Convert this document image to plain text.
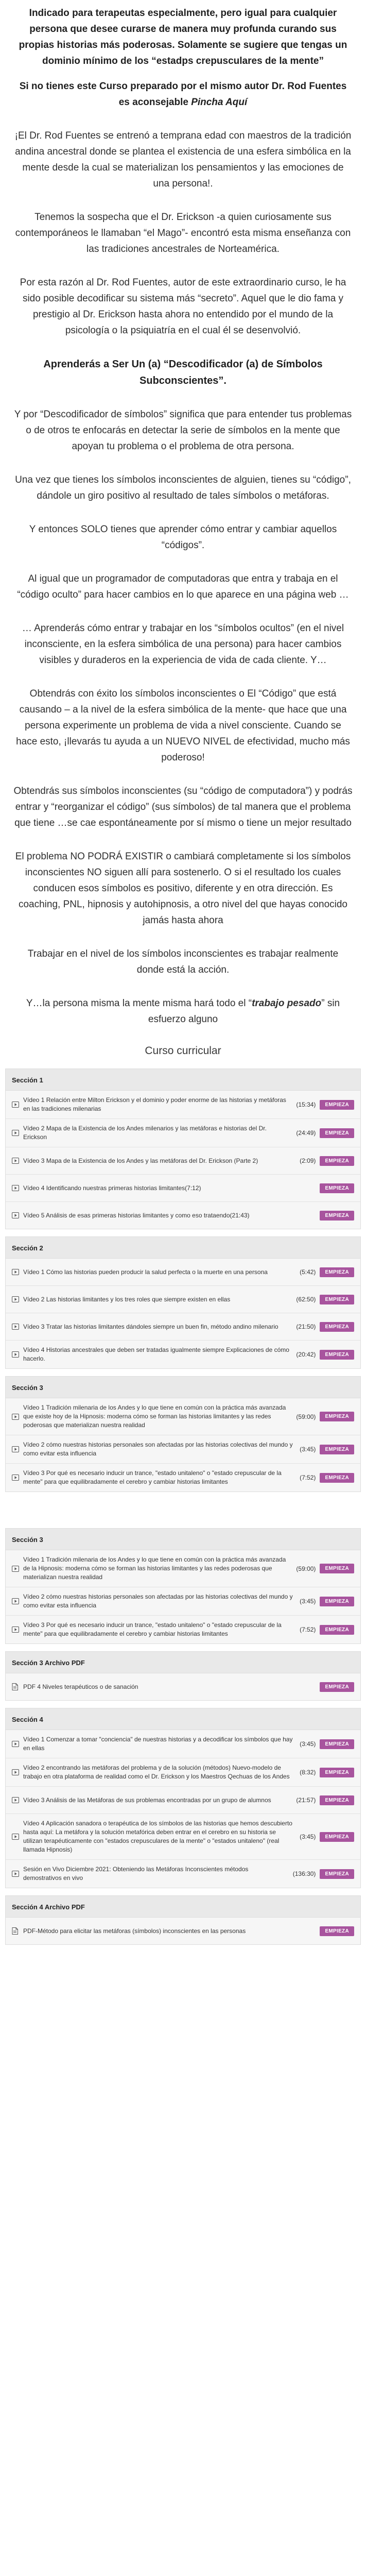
Indicado para terapeutas especialmente, pero igual para cualquier persona que desee curarse de manera muy profunda curando sus propias historias más poderosas. Solamente se sugiere que tengas un dominio mínimo de los “estadps crepusculares de la mente”

Si no tienes este Curso preparado por el mismo autor Dr. Rod Fuentes es aconsejable Pincha Aquí

¡El Dr. Rod Fuentes se entrenó a temprana edad con maestros de la tradición andina ancestral donde se plantea el existencia de una esfera simbólica en la mente desde la cual se materializan los pensamientos y las emociones de una persona!.

Tenemos la sospecha que el Dr. Erickson -a quien curiosamente sus contemporáneos le llamaban “el Mago”- encontró esta misma enseñanza con las tradiciones ancestrales de Norteamérica.

Por esta razón al Dr. Rod Fuentes, autor de este extraordinario curso, le ha sido posible decodificar su sistema más “secreto”. Aquel que le dio fama y prestigio al Dr. Erickson hasta ahora no entendido por el mundo de la psicología o la psiquiatría en el cual él se desenvolvió.

Aprenderás a Ser Un (a) “Descodificador (a) de Símbolos Subconscientes”.

Y por “Descodificador de símbolos” significa que para entender tus problemas o de otros te enfocarás en detectar la serie de símbolos en la mente que apoyan tu problema o el problema de otra persona.

Una vez que tienes los símbolos inconscientes de alguien, tienes su “código”, dándole un giro positivo al resultado de tales símbolos o metáforas.

Y entonces SOLO tienes que aprender cómo entrar y cambiar aquellos “códigos”.

Al igual que un programador de computadoras que entra y trabaja en el “código oculto” para hacer cambios en lo que aparece en una página web …

… Aprenderás cómo entrar y trabajar en los “símbolos ocultos” (en el nivel inconsciente, en la esfera simbólica de una persona) para hacer cambios visibles y duraderos en la experiencia de vida de cada cliente. Y…

Obtendrás con éxito los símbolos inconscientes o El “Código” que está causando – a la nivel de la esfera simbólica de la mente- que hace que una persona experimente un problema de vida a nivel consciente. Cuando se hace esto, ¡llevarás tu ayuda a un NUEVO NIVEL de efectividad, mucho más poderoso!

Obtendrás sus símbolos inconscientes (su “código de computadora”) y podrás entrar y “reorganizar el código” (sus símbolos) de tal manera que el problema que tiene …se cae espontáneamente por sí mismo o tiene un mejor resultado

El problema NO PODRÁ EXISTIR o cambiará completamente si los símbolos inconscientes NO siguen allí para sostenerlo. O si el resultado los cuales conducen esos símbolos es positivo, diferente y en otra dirección. Es coaching, PNL, hipnosis y autohipnosis, a otro nivel del que hayas conocido jamás hasta ahora

Trabajar en el nivel de los símbolos inconscientes es trabajar realmente donde está la acción.

Y…la persona misma la mente misma hará todo el “trabajo pesado” sin esfuerzo alguno

Curso curricular
Sección 1
Vídeo 1 Relación entre Milton Erickson y el dominio y poder enorme de las historias y metáforas en las tradiciones milenarias
(15:34)	EMPIEZA
Vídeo 2 Mapa de la Existencia de los Andes milenarios y las metáforas e historias del Dr. Erickson
(24:49)	EMPIEZA
Vídeo 3 Mapa de la Existencia de los Andes y las metáforas del Dr. Erickson (Parte 2)	(2:09)	EMPIEZA
Vídeo 4 Identificando nuestras primeras historias limitantes(7:12)	EMPIEZA
Vídeo 5 Análisis de esas primeras historias limitantes y como eso trataendo(21:43)	EMPIEZA
Sección 2
Vídeo 1 Cómo las historias pueden producir la salud perfecta o la muerte en una persona	(5:42)	EMPIEZA
Vídeo 2 Las historias limitantes y los tres roles que siempre existen en ellas	(62:50)	EMPIEZA
Vídeo 3 Tratar las historias limitantes dándoles siempre un buen fin, método andino milenario	(21:50)	EMPIEZA
Vídeo 4 Historias ancestrales que deben ser tratadas igualmente siempre Explicaciones de cómo hacerlo.
(20:42)	EMPIEZA
Sección 3
Vídeo 1 Tradición milenaria de los Andes y lo que tiene en común con la práctica más avanzada que existe hoy de la Hipnosis: moderna cómo se forman las historias limitantes y las redes poderosas que materializan nuestra realidad
(59:00)	EMPIEZA
Vídeo 2 cómo nuestras historias personales son afectadas por las historias colectivas del mundo y como evitar esta influencia
(3:45)	EMPIEZA
Vídeo 3 Por qué es necesario inducir un trance, "estado unitaleno" o "estado crepuscular de la mente" para que equilibradamente el cerebro y cambiar historias limitantes
(7:52)	EMPIEZA
Sección 3
Vídeo 1 Tradición milenaria de los Andes y lo que tiene en común con la práctica más avanzada de la Hipnosis: moderna cómo se forman las historias limitantes y las redes poderosas que materializan nuestra realidad
(59:00)	EMPIEZA
Vídeo 2 cómo nuestras historias personales son afectadas por las historias colectivas del mundo y como evitar esta influencia
(3:45)	EMPIEZA
Vídeo 3 Por qué es necesario inducir un trance, "estado unitaleno" o "estado crepuscular de la mente" para que equilibradamente el cerebro y cambiar historias limitantes
(7:52)	EMPIEZA
Sección 3 Archivo PDF
PDF 4 Niveles terapéuticos o de sanación	EMPIEZA
Sección 4
Vídeo 1 Comenzar a tomar "conciencia" de nuestras historias y a decodificar los símbolos que hay en ellas
(3:45)	EMPIEZA
Vídeo 2 encontrando las metáforas del problema y de la solución (métodos) Nuevo-modelo de trabajo en otra plataforma de realidad como el Dr. Erickson y los Maestros Qechuas de los Andes
(8:32)	EMPIEZA
Vídeo 3 Análisis de las Metáforas de sus problemas encontradas por un grupo de alumnos	(21:57)	EMPIEZA
Vídeo 4 Aplicación sanadora o terapéutica de los símbolos de las historias que hemos descubierto hasta aquí: La metáfora y la solución metafórica deben entrar en el cerebro en su historia se utilizan terapéuticamente con "estados crepusculares de la mente" o "estados unitaleno" (real llamada Hipnosis)
(3:45)	EMPIEZA
Sesión en Vivo Diciembre 2021: Obteniendo las Metáforas Inconscientes métodos demostrativos en vivo
(136:30)	EMPIEZA
Sección 4 Archivo PDF
PDF-Método para elicitar las metáforas (símbolos) inconscientes en las personas	EMPIEZA
